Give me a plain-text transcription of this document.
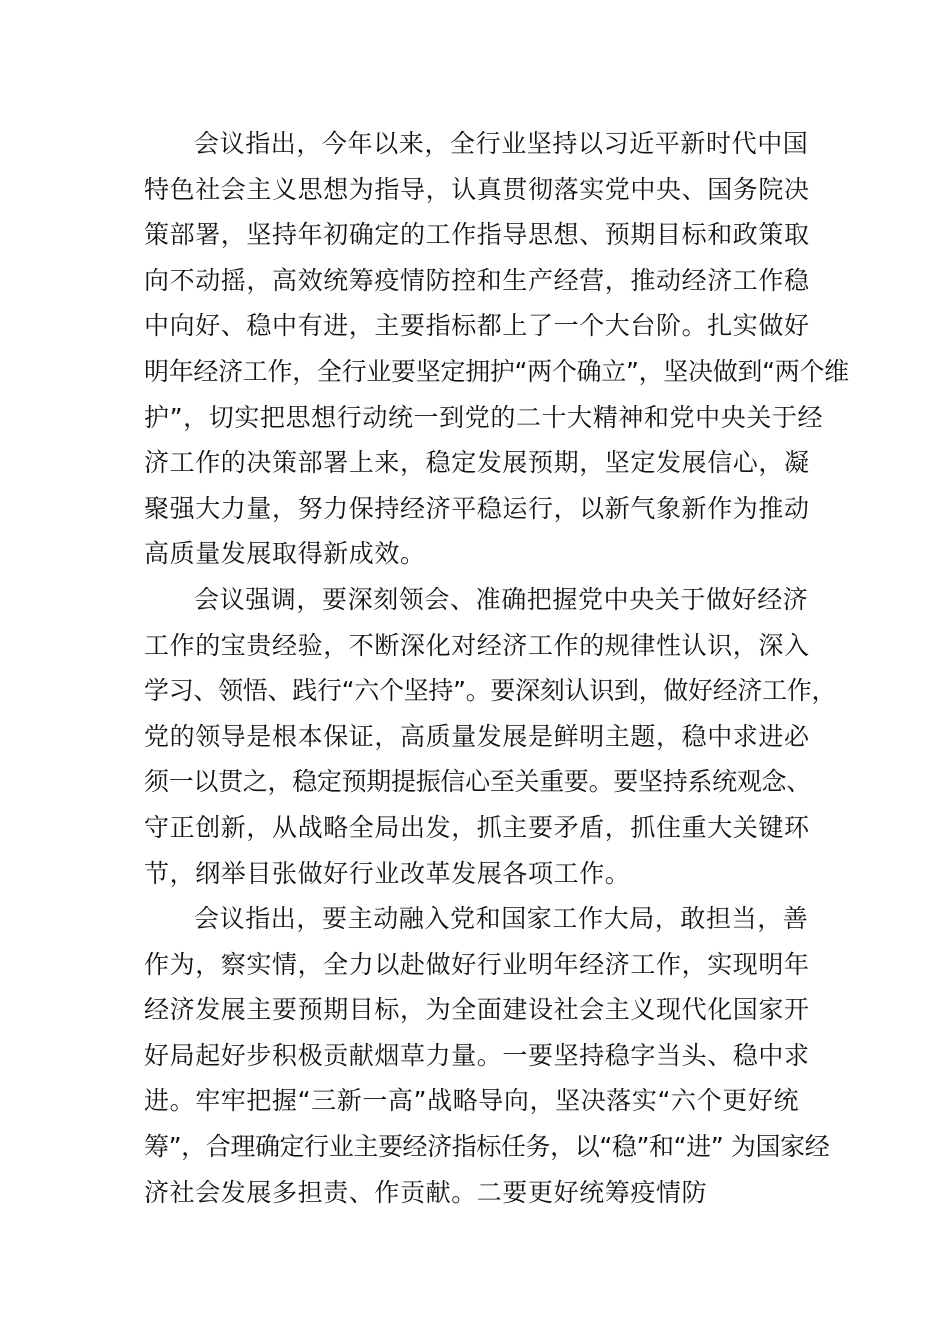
会议指出，今年以来，全行业坚持以习近平新时代中国
特色社会主义思想为指导，认真贯彻落实党中央、国务院决
策部署，坚持年初确定的工作指导思想、预期目标和政策取
向不动摇，高效统筹疫情防控和生产经营，推动经济工作稳
中向好、稳中有进，主要指标都上了一个大台阶。扎实做好
明年经济工作，全行业要坚定拥护“两个确立”，坚决做到“两个维
护”，切实把思想行动统一到党的二十大精神和党中央关于经
济工作的决策部署上来，稳定发展预期，坚定发展信心，凝
聚强大力量，努力保持经济平稳运行，以新气象新作为推动
高质量发展取得新成效。
会议强调，要深刻领会、准确把握党中央关于做好经济
工作的宝贵经验，不断深化对经济工作的规律性认识，深入
学习、领悟、践行“六个坚持”。要深刻认识到，做好经济工作，
党的领导是根本保证，高质量发展是鲜明主题，稳中求进必
须一以贯之，稳定预期提振信心至关重要。要坚持系统观念、
守正创新，从战略全局出发，抓主要矛盾，抓住重大关键环
节，纲举目张做好行业改革发展各项工作。
会议指出，要主动融入党和国家工作大局，敢担当，善
作为，察实情，全力以赴做好行业明年经济工作，实现明年
经济发展主要预期目标，为全面建设社会主义现代化国家开
好局起好步积极贡献烟草力量。一要坚持稳字当头、稳中求
进。牢牢把握“三新一高”战略导向，坚决落实“六个更好统
筹”，合理确定行业主要经济指标任务，以“稳”和“进” 为国家经
济社会发展多担责、作贡献。二要更好统筹疫情防
